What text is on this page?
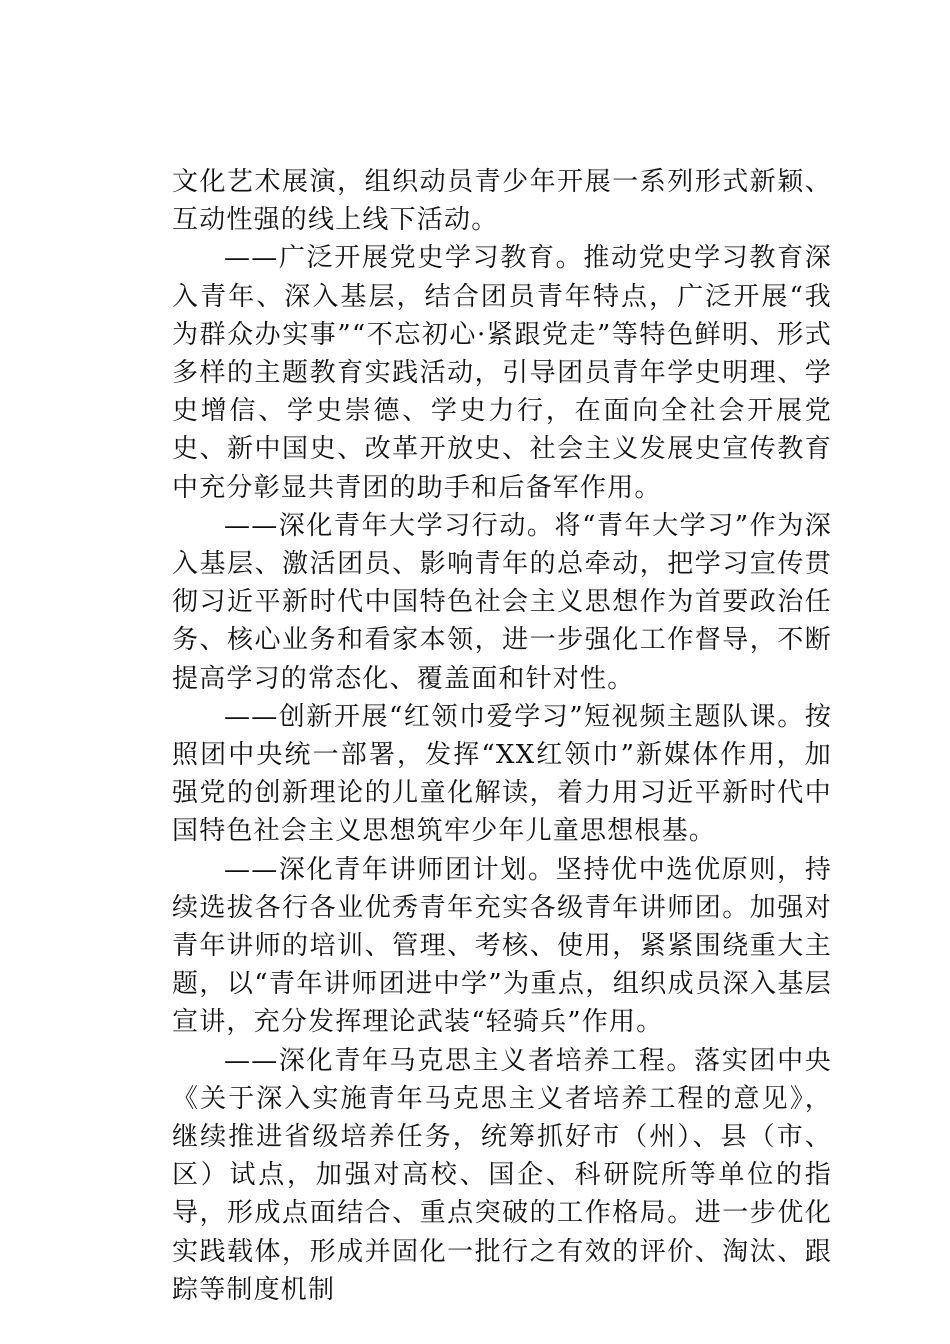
文化艺术展演，组织动员青少年开展一系列形式新颖、互动性强的线上线下活动。

——广泛开展党史学习教育。推动党史学习教育深入青年、深入基层，结合团员青年特点，广泛开展“我为群众办实事”“不忘初心·紧跟党走”等特色鲜明、形式多样的主题教育实践活动，引导团员青年学史明理、学史增信、学史崇德、学史力行，在面向全社会开展党史、新中国史、改革开放史、社会主义发展史宣传教育中充分彰显共青团的助手和后备军作用。

——深化青年大学习行动。将“青年大学习”作为深入基层、激活团员、影响青年的总牵动，把学习宣传贯彻习近平新时代中国特色社会主义思想作为首要政治任务、核心业务和看家本领，进一步强化工作督导，不断提高学习的常态化、覆盖面和针对性。

——创新开展“红领巾爱学习”短视频主题队课。按照团中央统一部署，发挥“XX红领巾”新媒体作用，加强党的创新理论的儿童化解读，着力用习近平新时代中国特色社会主义思想筑牢少年儿童思想根基。

——深化青年讲师团计划。坚持优中选优原则，持续选拔各行各业优秀青年充实各级青年讲师团。加强对青年讲师的培训、管理、考核、使用，紧紧围绕重大主题，以“青年讲师团进中学”为重点，组织成员深入基层宣讲，充分发挥理论武装“轻骑兵”作用。

——深化青年马克思主义者培养工程。落实团中央《关于深入实施青年马克思主义者培养工程的意见》，继续推进省级培养任务，统筹抓好市（州）、县（市、区）试点，加强对高校、国企、科研院所等单位的指导，形成点面结合、重点突破的工作格局。进一步优化实践载体，形成并固化一批行之有效的评价、淘汰、跟踪等制度机制
